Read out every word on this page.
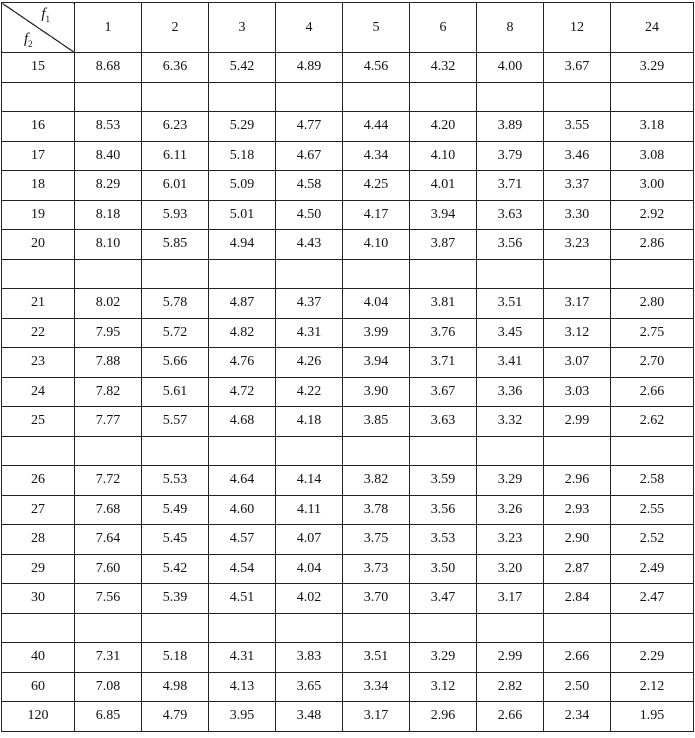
$f_1$
$f_2$	1	2	3	4	5	6	8	12	24
15	8.68	6.36	5.42	4.89	4.56	4.32	4.00	3.67	3.29

16	8.53	6.23	5.29	4.77	4.44	4.20	3.89	3.55	3.18
17	8.40	6.11	5.18	4.67	4.34	4.10	3.79	3.46	3.08
18	8.29	6.01	5.09	4.58	4.25	4.01	3.71	3.37	3.00
19	8.18	5.93	5.01	4.50	4.17	3.94	3.63	3.30	2.92
20	8.10	5.85	4.94	4.43	4.10	3.87	3.56	3.23	2.86

21	8.02	5.78	4.87	4.37	4.04	3.81	3.51	3.17	2.80
22	7.95	5.72	4.82	4.31	3.99	3.76	3.45	3.12	2.75
23	7.88	5.66	4.76	4.26	3.94	3.71	3.41	3.07	2.70
24	7.82	5.61	4.72	4.22	3.90	3.67	3.36	3.03	2.66
25	7.77	5.57	4.68	4.18	3.85	3.63	3.32	2.99	2.62

26	7.72	5.53	4.64	4.14	3.82	3.59	3.29	2.96	2.58
27	7.68	5.49	4.60	4.11	3.78	3.56	3.26	2.93	2.55
28	7.64	5.45	4.57	4.07	3.75	3.53	3.23	2.90	2.52
29	7.60	5.42	4.54	4.04	3.73	3.50	3.20	2.87	2.49
30	7.56	5.39	4.51	4.02	3.70	3.47	3.17	2.84	2.47

40	7.31	5.18	4.31	3.83	3.51	3.29	2.99	2.66	2.29
60	7.08	4.98	4.13	3.65	3.34	3.12	2.82	2.50	2.12
120	6.85	4.79	3.95	3.48	3.17	2.96	2.66	2.34	1.95
